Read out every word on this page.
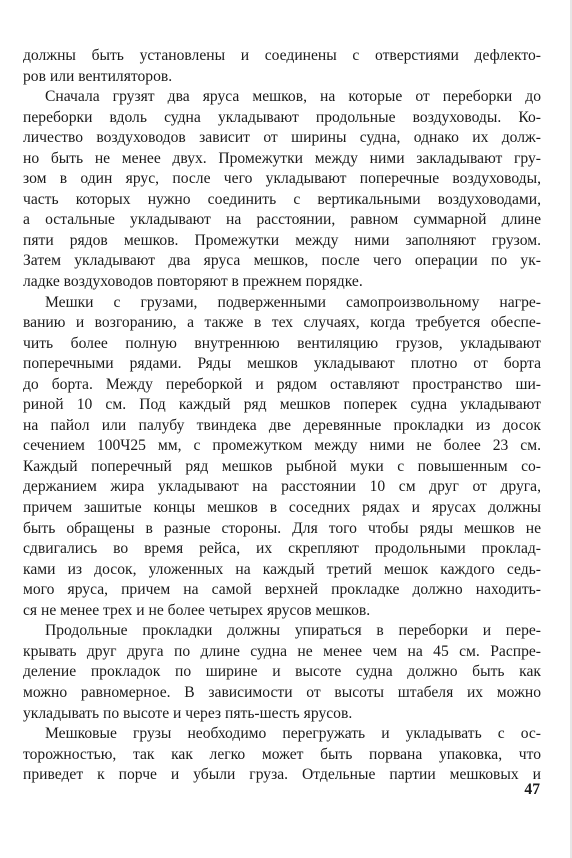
должны быть установлены и соединены с отверстиями дефлекто-
ров или вентиляторов.
Сначала грузят два яруса мешков, на которые от переборки до
переборки вдоль судна укладывают продольные воздуховоды. Ко-
личество воздуховодов зависит от ширины судна, однако их долж-
но быть не менее двух. Промежутки между ними закладывают гру-
зом в один ярус, после чего укладывают поперечные воздуховоды,
часть которых нужно соединить с вертикальными воздуховодами,
а остальные укладывают на расстоянии, равном суммарной длине
пяти рядов мешков. Промежутки между ними заполняют грузом.
Затем укладывают два яруса мешков, после чего операции по ук-
ладке воздуховодов повторяют в прежнем порядке.
Мешки с грузами, подверженными самопроизвольному нагре-
ванию и возгоранию, а также в тех случаях, когда требуется обеспе-
чить более полную внутреннюю вентиляцию грузов, укладывают
поперечными рядами. Ряды мешков укладывают плотно от борта
до борта. Между переборкой и рядом оставляют пространство ши-
риной 10 см. Под каждый ряд мешков поперек судна укладывают
на пайол или палубу твиндека две деревянные прокладки из досок
сечением 100Ч25 мм, с промежутком между ними не более 23 см.
Каждый поперечный ряд мешков рыбной муки с повышенным со-
держанием жира укладывают на расстоянии 10 см друг от друга,
причем зашитые концы мешков в соседних рядах и ярусах должны
быть обращены в разные стороны. Для того чтобы ряды мешков не
сдвигались во время рейса, их скрепляют продольными проклад-
ками из досок, уложенных на каждый третий мешок каждого седь-
мого яруса, причем на самой верхней прокладке должно находить-
ся не менее трех и не более четырех ярусов мешков.
Продольные прокладки должны упираться в переборки и пере-
крывать друг друга по длине судна не менее чем на 45 см. Распре-
деление прокладок по ширине и высоте судна должно быть как
можно равномерное. В зависимости от высоты штабеля их можно
укладывать по высоте и через пять-шесть ярусов.
Мешковые грузы необходимо перегружать и укладывать с ос-
торожностью, так как легко может быть порвана упаковка, что
приведет к порче и убыли груза. Отдельные партии мешковых и
47
